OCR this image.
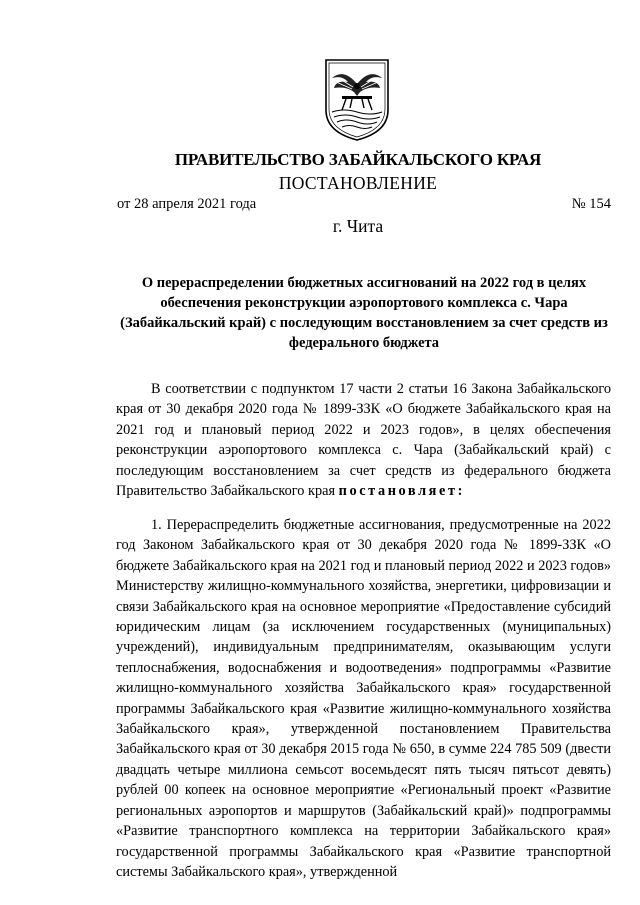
ПРАВИТЕЛЬСТВО ЗАБАЙКАЛЬСКОГО КРАЯ
ПОСТАНОВЛЕНИЕ
от 28 апреля 2021 года	№ 154
г. Чита
О перераспределении бюджетных ассигнований на 2022 год в целях обеспечения реконструкции аэропортового комплекса с. Чара (Забайкальский край) с последующим восстановлением за счет средств из федерального бюджета
В соответствии с подпунктом 17 части 2 статьи 16 Закона Забайкальского края от 30 декабря 2020 года № 1899-ЗЗК «О бюджете Забайкальского края на 2021 год и плановый период 2022 и 2023 годов», в целях обеспечения реконструкции аэропортового комплекса с. Чара (Забайкальский край) с последующим восстановлением за счет средств из федерального бюджета Правительство Забайкальского края постановляет:
1. Перераспределить бюджетные ассигнования, предусмотренные на 2022 год Законом Забайкальского края от 30 декабря 2020 года № 1899-ЗЗК «О бюджете Забайкальского края на 2021 год и плановый период 2022 и 2023 годов» Министерству жилищно-коммунального хозяйства, энергетики, цифровизации и связи Забайкальского края на основное мероприятие «Предоставление субсидий юридическим лицам (за исключением государственных (муниципальных) учреждений), индивидуальным предпринимателям, оказывающим услуги теплоснабжения, водоснабжения и водоотведения» подпрограммы «Развитие жилищно-коммунального хозяйства Забайкальского края» государственной программы Забайкальского края «Развитие жилищно-коммунального хозяйства Забайкальского края», утвержденной постановлением Правительства Забайкальского края от 30 декабря 2015 года № 650, в сумме 224 785 509 (двести двадцать четыре миллиона семьсот восемьдесят пять тысяч пятьсот девять) рублей 00 копеек на основное мероприятие «Региональный проект «Развитие региональных аэропортов и маршрутов (Забайкальский край)» подпрограммы «Развитие транспортного комплекса на территории Забайкальского края» государственной программы Забайкальского края «Развитие транспортной системы Забайкальского края», утвержденной
